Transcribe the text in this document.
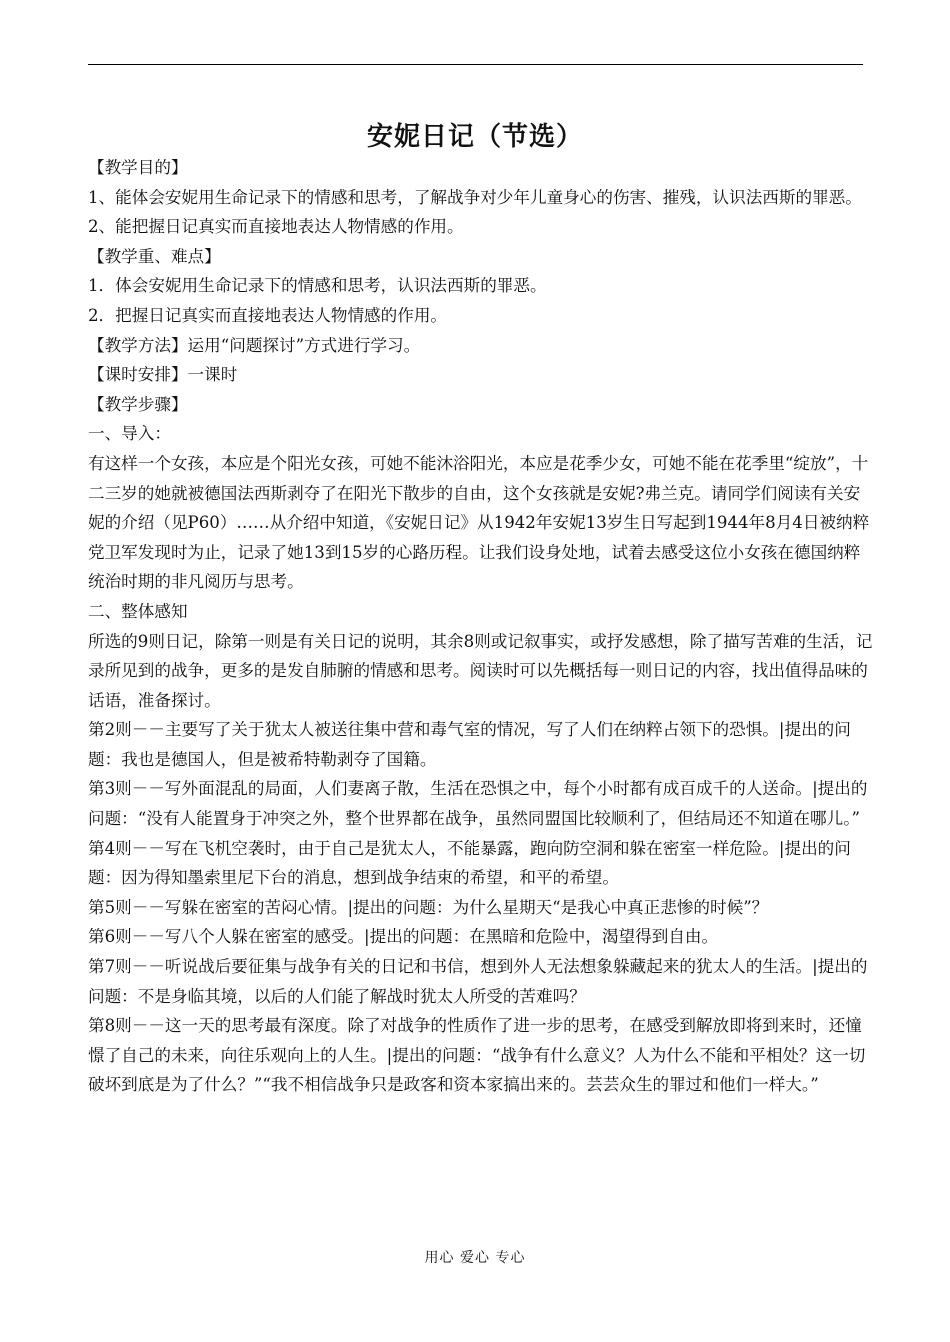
安妮日记（节选）

【教学目的】

1、能体会安妮用生命记录下的情感和思考，了解战争对少年儿童身心的伤害、摧残，认识法西斯的罪恶。

2、能把握日记真实而直接地表达人物情感的作用。

【教学重、难点】

1．体会安妮用生命记录下的情感和思考，认识法西斯的罪恶。

2．把握日记真实而直接地表达人物情感的作用。

【教学方法】运用“问题探讨”方式进行学习。

【课时安排】一课时

【教学步骤】

一、导入：

有这样一个女孩，本应是个阳光女孩，可她不能沐浴阳光，本应是花季少女，可她不能在花季里“绽放”，十二三岁的她就被德国法西斯剥夺了在阳光下散步的自由，这个女孩就是安妮?弗兰克。请同学们阅读有关安妮的介绍（见P60）……从介绍中知道，《安妮日记》从1942年安妮13岁生日写起到1944年8月4日被纳粹党卫军发现时为止，记录了她13到15岁的心路历程。让我们设身处地，试着去感受这位小女孩在德国纳粹统治时期的非凡阅历与思考。

二、整体感知

所选的9则日记，除第一则是有关日记的说明，其余8则或记叙事实，或抒发感想，除了描写苦难的生活，记录所见到的战争，更多的是发自肺腑的情感和思考。阅读时可以先概括每一则日记的内容，找出值得品味的话语，准备探讨。

第2则－－主要写了关于犹太人被送往集中营和毒气室的情况，写了人们在纳粹占领下的恐惧。|提出的问题：我也是德国人，但是被希特勒剥夺了国籍。

第3则－－写外面混乱的局面，人们妻离子散，生活在恐惧之中，每个小时都有成百成千的人送命。|提出的问题：“没有人能置身于冲突之外，整个世界都在战争，虽然同盟国比较顺利了，但结局还不知道在哪儿。”

第4则－－写在飞机空袭时，由于自己是犹太人，不能暴露，跑向防空洞和躲在密室一样危险。|提出的问题：因为得知墨索里尼下台的消息，想到战争结束的希望，和平的希望。

第5则－－写躲在密室的苦闷心情。|提出的问题：为什么星期天“是我心中真正悲惨的时候”？

第6则－－写八个人躲在密室的感受。|提出的问题：在黑暗和危险中，渴望得到自由。

第7则－－听说战后要征集与战争有关的日记和书信，想到外人无法想象躲藏起来的犹太人的生活。|提出的问题：不是身临其境，以后的人们能了解战时犹太人所受的苦难吗？

第8则－－这一天的思考最有深度。除了对战争的性质作了进一步的思考，在感受到解放即将到来时，还憧憬了自己的未来，向往乐观向上的人生。|提出的问题：“战争有什么意义？人为什么不能和平相处？这一切破坏到底是为了什么？”“我不相信战争只是政客和资本家搞出来的。芸芸众生的罪过和他们一样大。”

用心 爱心 专心
